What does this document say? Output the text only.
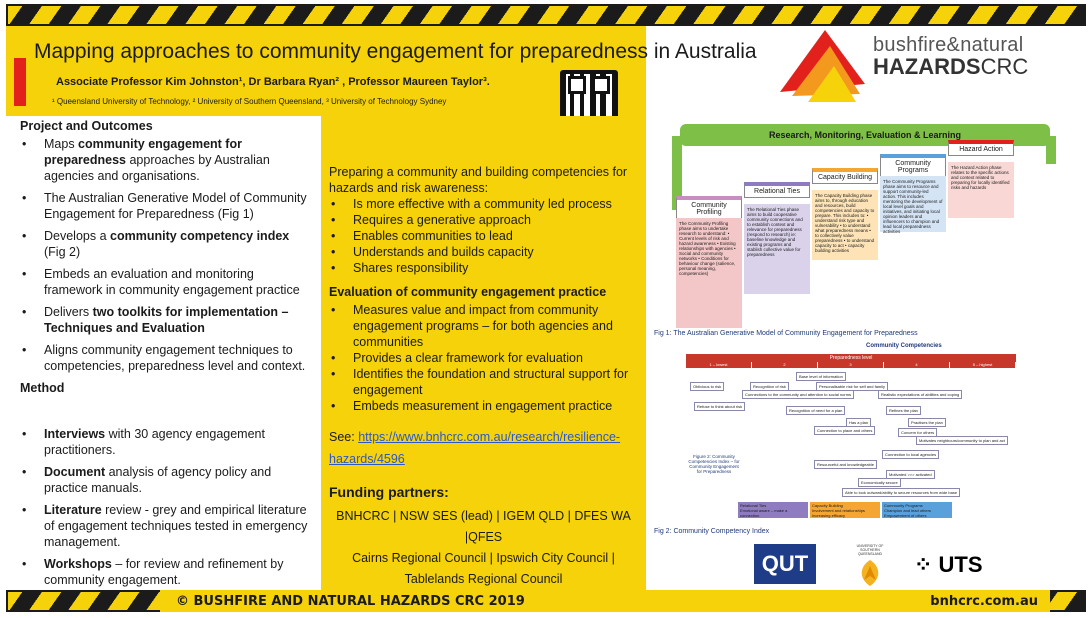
Mapping approaches to community engagement for preparedness in Australia
Associate Professor Kim Johnston¹, Dr Barbara Ryan² , Professor Maureen Taylor³.
¹ Queensland University of Technology, ² University of Southern Queensland, ³ University of Technology Sydney
bushfire&natural
HAZARDSCRC
Project and Outcomes
• Maps community engagement for preparedness approaches by Australian agencies and organisations.
• The Australian Generative Model of Community Engagement for Preparedness (Fig 1)
• Develops a community competency index (Fig 2)
• Embeds an evaluation and monitoring framework in community engagement practice
• Delivers two toolkits for implementation – Techniques and Evaluation
• Aligns community engagement techniques to competencies, preparedness level and context.
Method
• Interviews with 30 agency engagement practitioners.
• Document analysis of agency policy and practice manuals.
• Literature review - grey and empirical literature of engagement techniques tested in emergency management.
• Workshops – for review and refinement by community engagement.
Preparing a community and building competencies for hazards and risk awareness:
• Is more effective with a community led process
• Requires a generative approach
• Enables communities to lead
• Understands and builds capacity
• Shares responsibility
Evaluation of community engagement practice
• Measures value and impact from community engagement programs – for both agencies and communities
• Provides a clear framework for evaluation
• Identifies the foundation and structural support for engagement
• Embeds measurement in engagement practice
See: https://www.bnhcrc.com.au/research/resilience-hazards/4596
Funding partners:
BNHCRC | NSW SES (lead) | IGEM QLD | DFES WA |QFES
Cairns Regional Council | Ipswich City Council |
Tablelands Regional Council
Research, Monitoring, Evaluation & Learning
Community Profiling
The Community Profiling phase aims to undertake research to understand: • Current levels of risk and hazard awareness • Existing relationships with agencies • Social and community networks • Conditions for behaviour change (salience, personal meaning, competencies)
Relational Ties
The Relational Ties phase aims to build cooperative community connections and to establish context and relevance for preparedness (respond to research) ie: baseline knowledge and existing programs and stablish collective value for preparedness
Capacity Building
The Capacity Building phase aims to, through education and resources, build competencies and capacity to prepare. This includes to: • understand risk type and vulnerability • to understand what preparedness means • to collectively value preparedness • to understand capacity to act • capacity building activities
Community Programs
The Community Programs phase aims to resource and support community-led action. This includes mentoring the development of local level goals and initiatives, and initiating local opinion leaders and influencers to champion and lead local preparedness activities
Hazard Action
The Hazard Action phase relates to the specific actions and context related to preparing for locally identified risks and hazards
Fig 1: The Australian Generative Model of Community Engagement for Preparedness
Community Competencies
Preparedness level
1 – lowest	2	3	4	5 – highest
Base level of information
Oblivious to risk	Recognition of risk	Personalisable risk for self and family
Connections to the community and attention to social norms	Realistic expectations of abilities and coping
Refuse to think about risk
Recognition of need for a plan	Refines the plan
Has a plan	Practises the plan
Connection to place and others	Concern for others
Motivates neighbours/community to plan and act
Connection to local agencies
Resourceful and knowledgeable
Motivated >>> activated
Economically secure
Able to look outward/ability to secure resources from wide base
Figure 2: Community Competencies Index – for Community Engagement for Preparedness
Relational Ties
Emotional aware – make a connection
Capacity Building
Involvement and relationships
Increasing efficacy
Community Programs
Champion and lead others
Empowerment of others
Fig 2: Community Competency Index
QUT
UNIVERSITY OF SOUTHERN QUEENSLAND	⁘ UTS
© BUSHFIRE AND NATURAL HAZARDS CRC 2019	bnhcrc.com.au
